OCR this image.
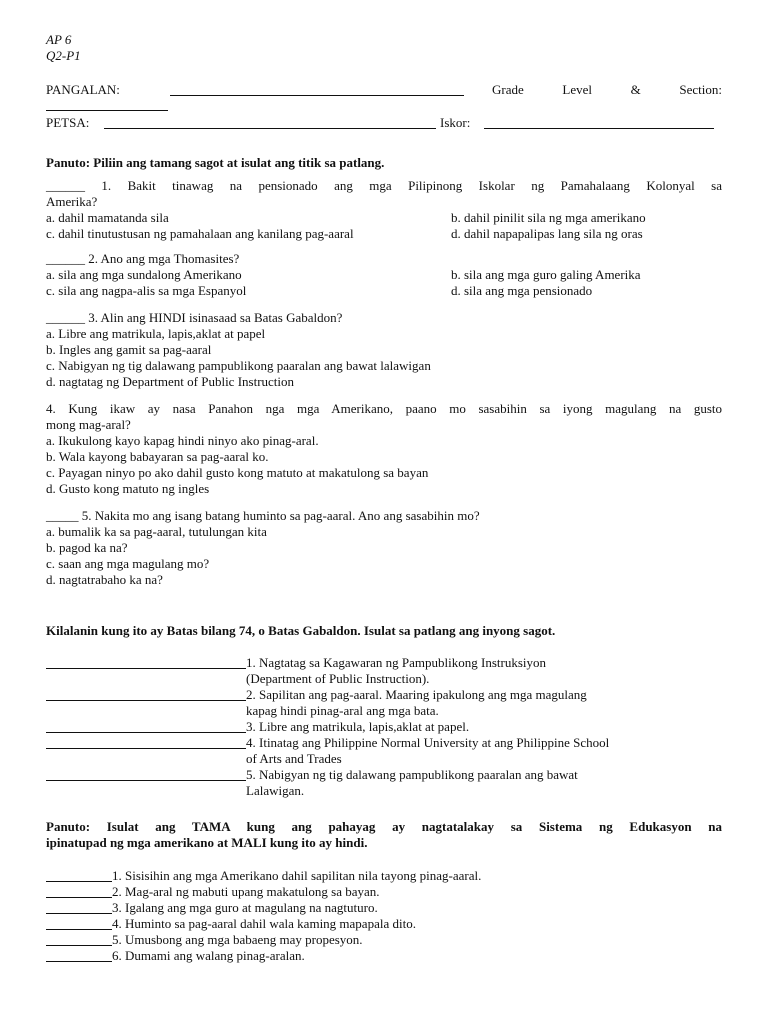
AP 6
Q2-P1
PANGALAN:	Grade Level & Section:
PETSA:	Iskor:
Panuto: Piliin ang tamang sagot at isulat ang titik sa patlang.
______ 1. Bakit tinawag na pensionado ang mga Pilipinong Iskolar ng Pamahalaang Kolonyal sa
Amerika?
a. dahil mamatanda sila	b. dahil pinilit sila ng mga amerikano
c. dahil tinutustusan ng pamahalaan ang kanilang pag-aaral	d. dahil napapalipas lang sila ng oras
______ 2. Ano ang mga Thomasites?
a. sila ang mga sundalong Amerikano	b. sila ang mga guro galing Amerika
c. sila ang nagpa-alis sa mga Espanyol	d. sila ang mga pensionado
______ 3. Alin ang HINDI isinasaad sa Batas Gabaldon?
a. Libre ang matrikula, lapis,aklat at papel
b. Ingles ang gamit sa pag-aaral
c. Nabigyan ng tig dalawang pampublikong paaralan ang bawat lalawigan
d. nagtatag ng Department of Public Instruction
4. Kung ikaw ay nasa Panahon nga mga Amerikano, paano mo sasabihin sa iyong magulang na gusto
mong mag-aral?
a. Ikukulong kayo kapag hindi ninyo ako pinag-aral.
b. Wala kayong babayaran sa pag-aaral ko.
c. Payagan ninyo po ako dahil gusto kong matuto at makatulong sa bayan
d. Gusto kong matuto ng ingles
_____ 5. Nakita mo ang isang batang huminto sa pag-aaral. Ano ang sasabihin mo?
a. bumalik ka sa pag-aaral, tutulungan kita
b. pagod ka na?
c. saan ang mga magulang mo?
d. nagtatrabaho ka na?
Kilalanin kung ito ay Batas bilang 74, o Batas Gabaldon. Isulat sa patlang ang inyong sagot.
1. Nagtatag sa Kagawaran ng Pampublikong Instruksiyon
(Department of Public Instruction).
2. Sapilitan ang pag-aaral. Maaring ipakulong ang mga magulang
kapag hindi pinag-aral ang mga bata.
3. Libre ang matrikula, lapis,aklat at papel.
4. Itinatag ang Philippine Normal University at ang Philippine School
of Arts and Trades
5. Nabigyan ng tig dalawang pampublikong paaralan ang bawat
Lalawigan.
Panuto: Isulat ang TAMA kung ang pahayag ay nagtatalakay sa Sistema ng Edukasyon na
ipinatupad ng mga amerikano at MALI kung ito ay hindi.
1. Sisisihin ang mga Amerikano dahil sapilitan nila tayong pinag-aaral.
2. Mag-aral ng mabuti upang makatulong sa bayan.
3. Igalang ang mga guro at magulang na nagtuturo.
4. Huminto sa pag-aaral dahil wala kaming mapapala dito.
5. Umusbong ang mga babaeng may propesyon.
6. Dumami ang walang pinag-aralan.
